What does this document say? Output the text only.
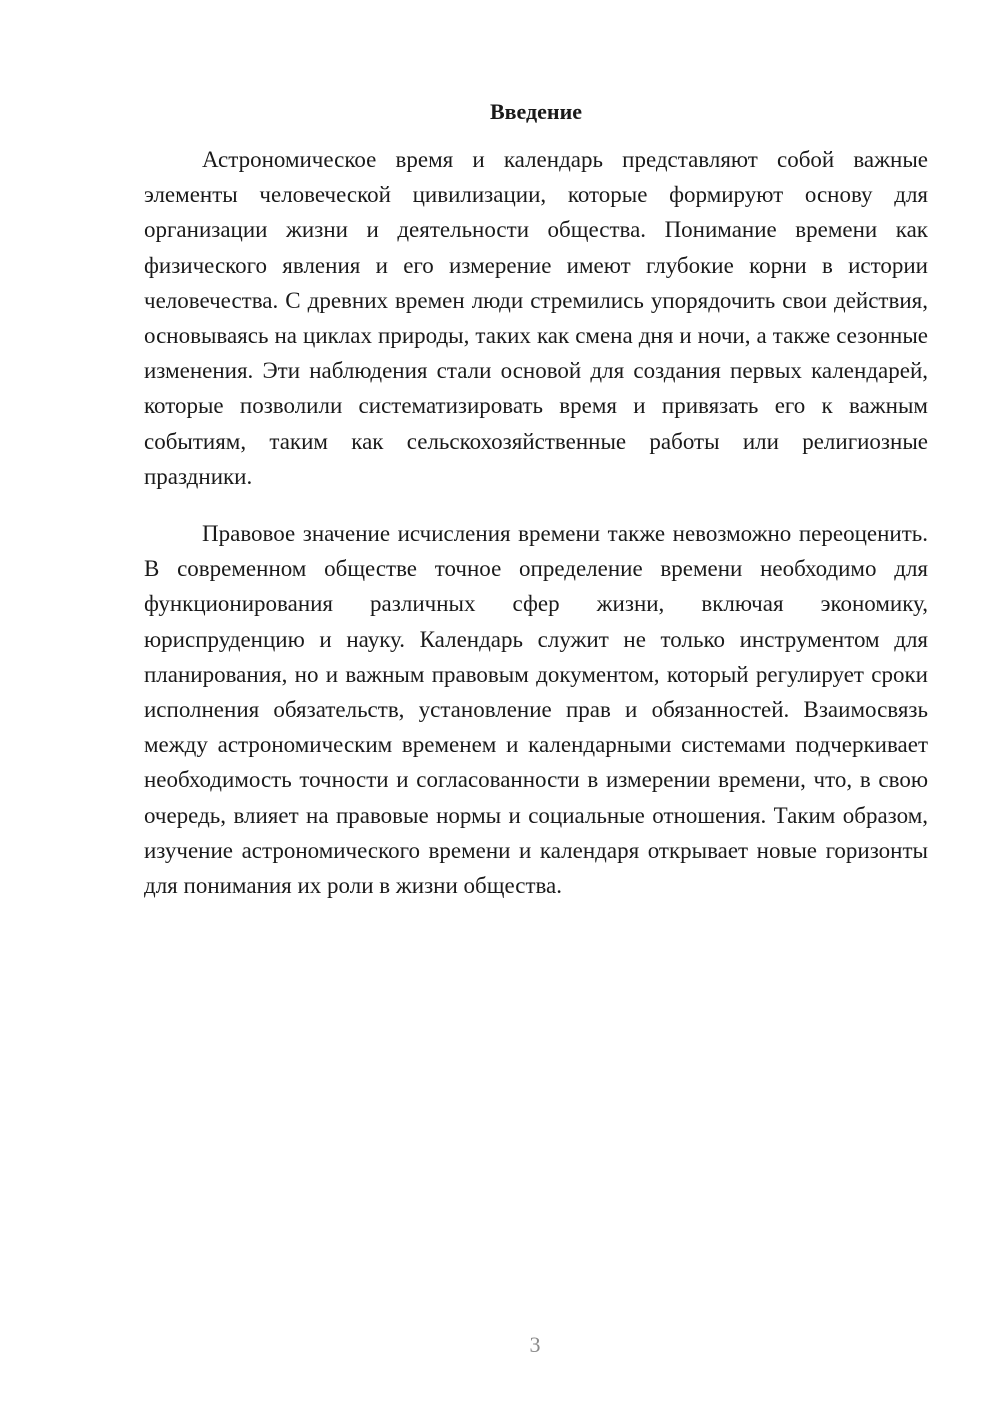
Введение

Астрономическое время и календарь представляют собой важные элементы человеческой цивилизации, которые формируют основу для организации жизни и деятельности общества. Понимание времени как физического явления и его измерение имеют глубокие корни в истории человечества. С древних времен люди стремились упорядочить свои действия, основываясь на циклах природы, таких как смена дня и ночи, а также сезонные изменения. Эти наблюдения стали основой для создания первых календарей, которые позволили систематизировать время и привязать его к важным событиям, таким как сельскохозяйственные работы или религиозные праздники.

Правовое значение исчисления времени также невозможно переоценить. В современном обществе точное определение времени необходимо для функционирования различных сфер жизни, включая экономику, юриспруденцию и науку. Календарь служит не только инструментом для планирования, но и важным правовым документом, который регулирует сроки исполнения обязательств, установление прав и обязанностей. Взаимосвязь между астрономическим временем и календарными системами подчеркивает необходимость точности и согласованности в измерении времени, что, в свою очередь, влияет на правовые нормы и социальные отношения. Таким образом, изучение астрономического времени и календаря открывает новые горизонты для понимания их роли в жизни общества.

3
